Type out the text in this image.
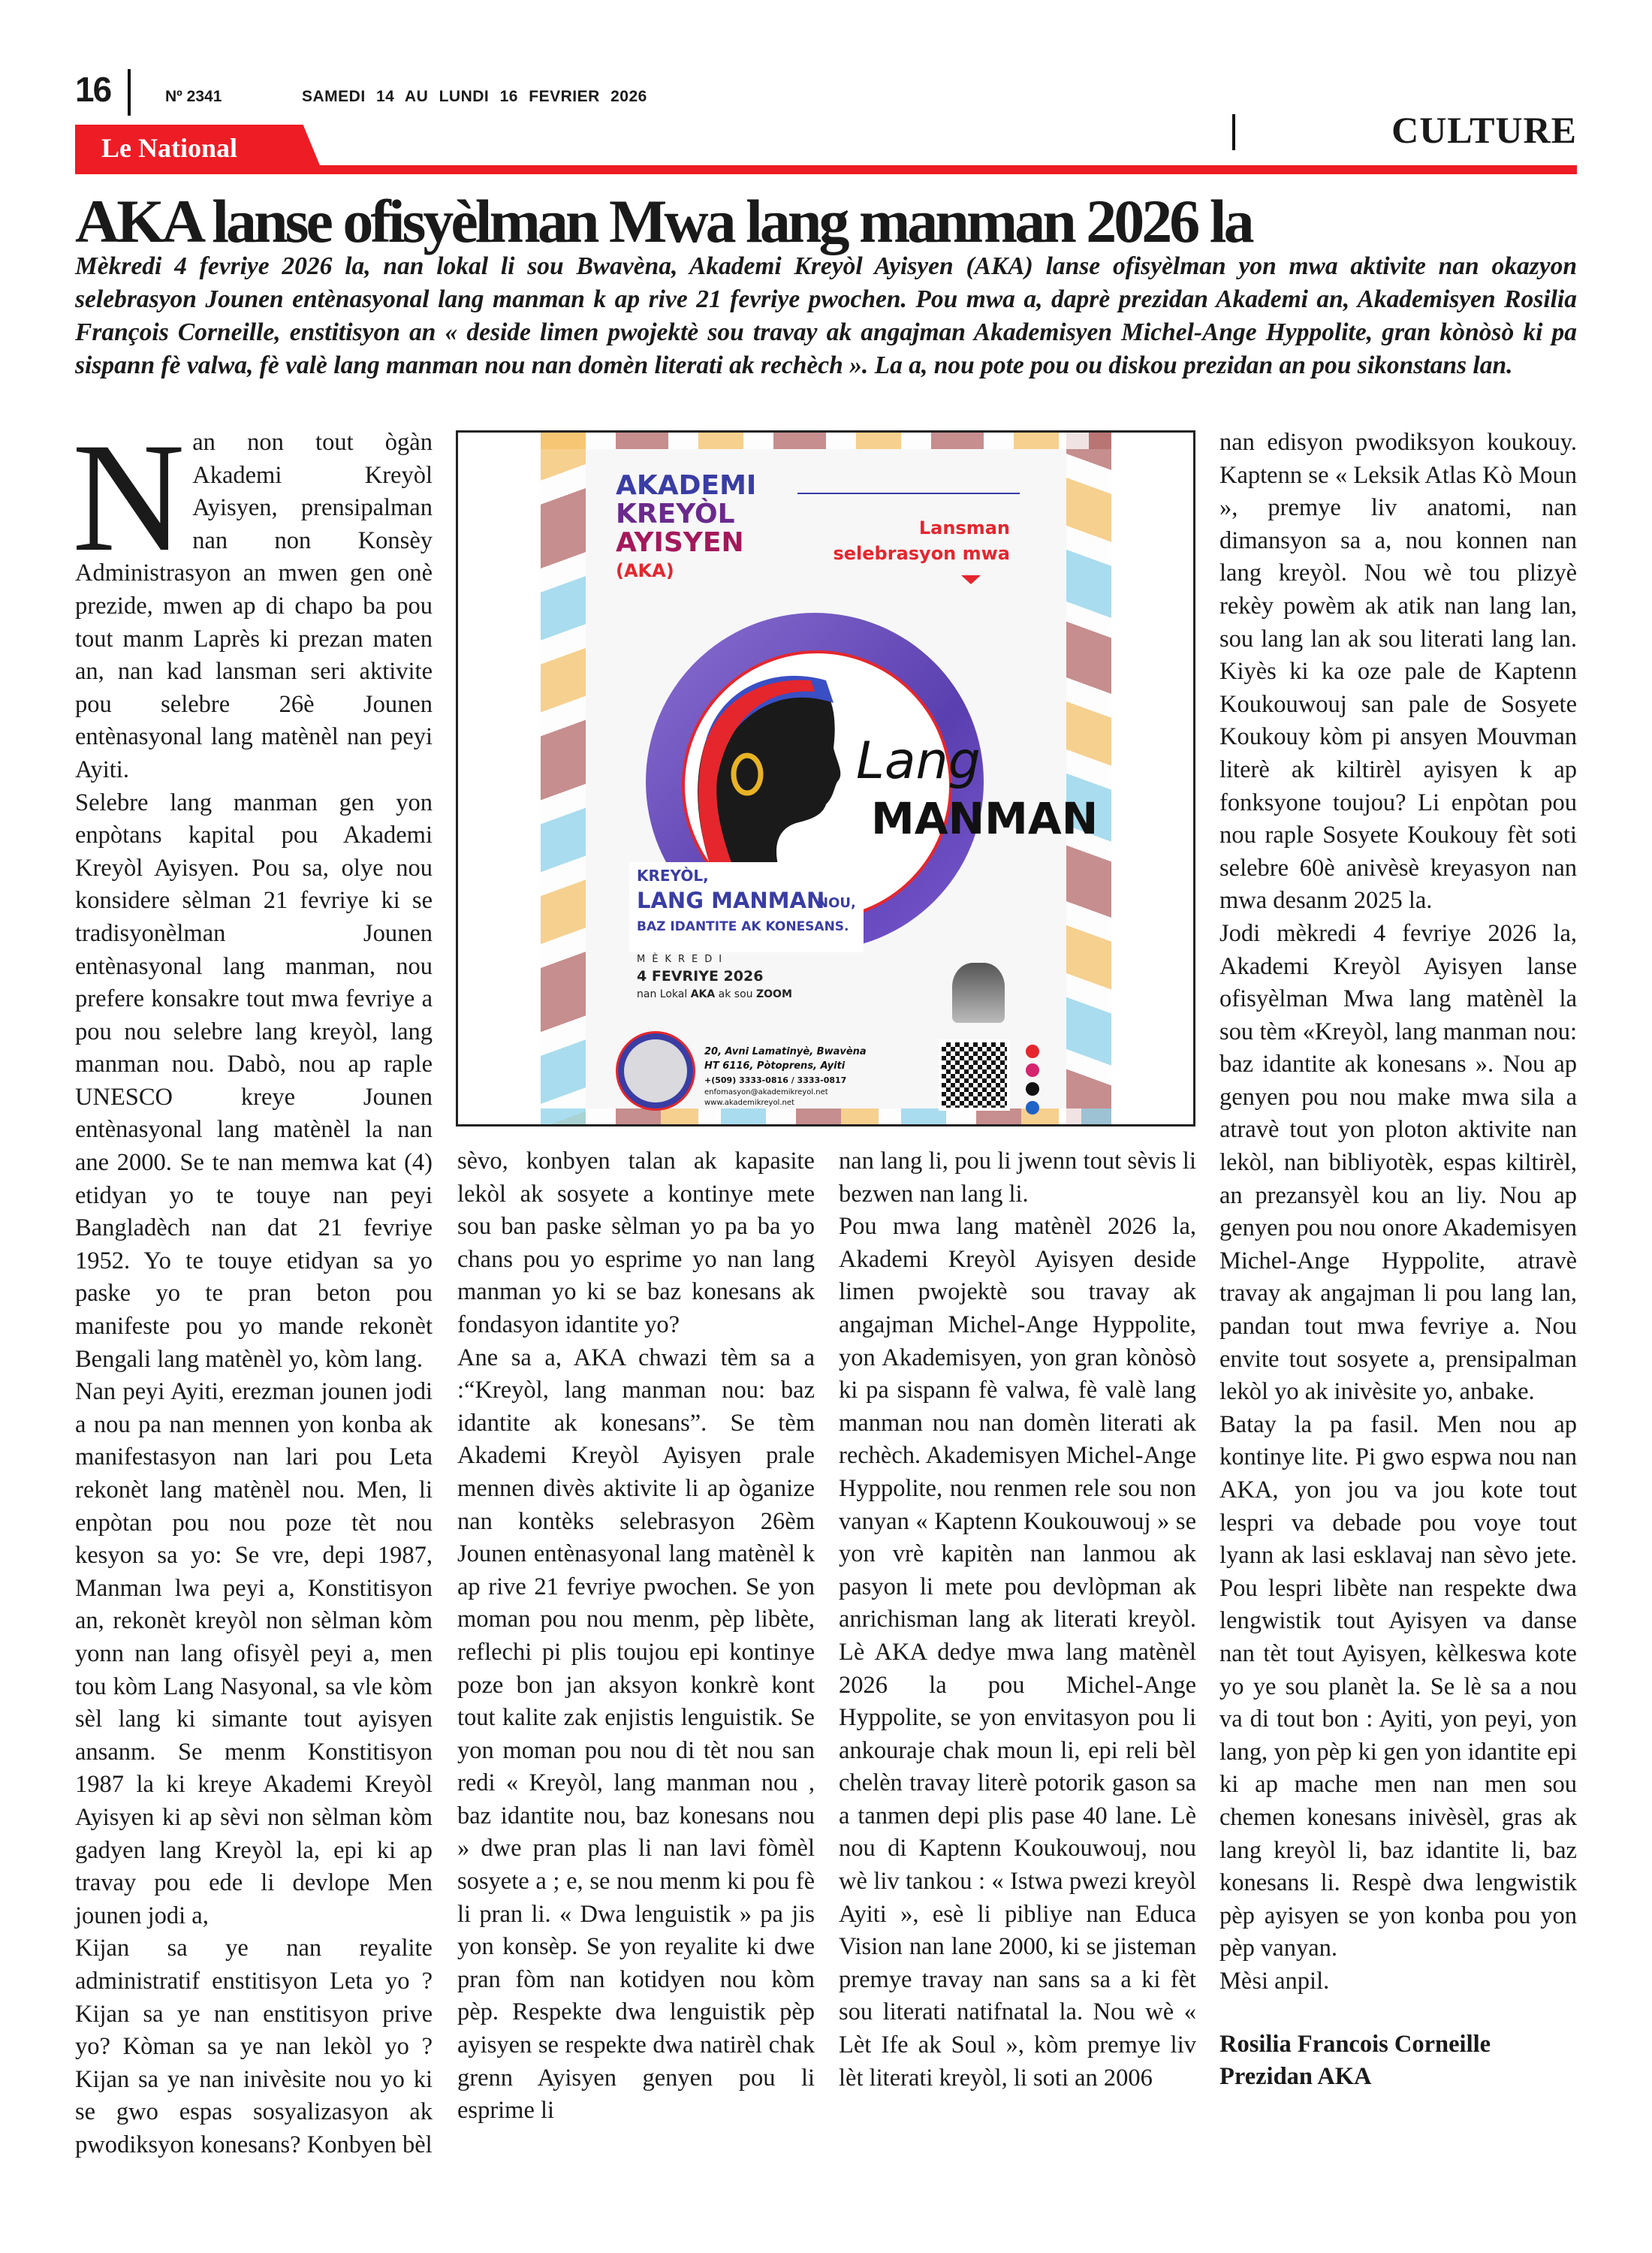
16	Nº 2341	SAMEDI 14 AU LUNDI 16 FEVRIER 2026
Le National	CULTURE
AKA lanse ofisyèlman Mwa lang manman 2026 la
Mèkredi 4 fevriye 2026 la, nan lokal li sou Bwavèna, Akademi Kreyòl Ayisyen (AKA) lanse ofisyèlman yon mwa aktivite nan okazyon selebrasyon Jounen entènasyonal lang manman k ap rive 21 fevriye pwochen. Pou mwa a, daprè prezidan Akademi an, Akademisyen Rosilia François Corneille, enstitisyon an « deside limen pwojektè sou travay ak angajman Akademisyen Michel-Ange Hyppolite, gran kònòsò ki pa sispann fè valwa, fè valè lang manman nou nan domèn literati ak rechèch ». La a, nou pote pou ou diskou prezidan an pou sikonstans lan.

Nan non tout ògàn Akademi Kreyòl Ayisyen, prensipalman nan non Konsèy Administrasyon an mwen gen onè prezide, mwen ap di chapo ba pou tout manm Laprès ki prezan maten an, nan kad lansman seri aktivite pou selebre 26è Jounen entènasyonal lang matènèl nan peyi Ayiti.

Selebre lang manman gen yon enpòtans kapital pou Akademi Kreyòl Ayisyen. Pou sa, olye nou konsidere sèlman 21 fevriye ki se tradisyonèlman Jounen entènasyonal lang manman, nou prefere konsakre tout mwa fevriye a pou nou selebre lang kreyòl, lang manman nou. Dabò, nou ap raple UNESCO kreye Jounen entènasyonal lang matènèl la nan ane 2000. Se te nan memwa kat (4) etidyan yo te touye nan peyi Bangladèch nan dat 21 fevriye 1952. Yo te touye etidyan sa yo paske yo te pran beton pou manifeste pou yo mande rekonèt Bengali lang matènèl yo, kòm lang.

Nan peyi Ayiti, erezman jounen jodi a nou pa nan mennen yon konba ak manifestasyon nan lari pou Leta rekonèt lang matènèl nou. Men, li enpòtan pou nou poze tèt nou kesyon sa yo: Se vre, depi 1987, Manman lwa peyi a, Konstitisyon an, rekonèt kreyòl non sèlman kòm yonn nan lang ofisyèl peyi a, men tou kòm Lang Nasyonal, sa vle kòm sèl lang ki simante tout ayisyen ansanm. Se menm Konstitisyon 1987 la ki kreye Akademi Kreyòl Ayisyen ki ap sèvi non sèlman kòm gadyen lang Kreyòl la, epi ki ap travay pou ede li devlope Men jounen jodi a,

Kijan sa ye nan reyalite administratif enstitisyon Leta yo ? Kijan sa ye nan enstitisyon prive yo? Kòman sa ye nan lekòl yo ? Kijan sa ye nan inivèsite nou yo ki se gwo espas sosyalizasyon ak pwodiksyon konesans? Konbyen bèl

sèvo, konbyen talan ak kapasite lekòl ak sosyete a kontinye mete sou ban paske sèlman yo pa ba yo chans pou yo esprime yo nan lang manman yo ki se baz konesans ak fondasyon idantite yo?

Ane sa a, AKA chwazi tèm sa a :“Kreyòl, lang manman nou: baz idantite ak konesans”. Se tèm Akademi Kreyòl Ayisyen prale mennen divès aktivite li ap òganize nan kontèks selebrasyon 26èm Jounen entènasyonal lang matènèl k ap rive 21 fevriye pwochen. Se yon moman pou nou menm, pèp libète, reflechi pi plis toujou epi kontinye poze bon jan aksyon konkrè kont tout kalite zak enjistis lenguistik. Se yon moman pou nou di tèt nou san redi « Kreyòl, lang manman nou , baz idantite nou, baz konesans nou » dwe pran plas li nan lavi fòmèl sosyete a ; e, se nou menm ki pou fè li pran li. « Dwa lenguistik » pa jis yon konsèp. Se yon reyalite ki dwe pran fòm nan kotidyen nou kòm pèp. Respekte dwa lenguistik pèp ayisyen se respekte dwa natirèl chak grenn Ayisyen genyen pou li esprime li

nan lang li, pou li jwenn tout sèvis li bezwen nan lang li.

Pou mwa lang matènèl 2026 la, Akademi Kreyòl Ayisyen deside limen pwojektè sou travay ak angajman Michel-Ange Hyppolite, yon Akademisyen, yon gran kònòsò ki pa sispann fè valwa, fè valè lang manman nou nan domèn literati ak rechèch. Akademisyen Michel-Ange Hyppolite, nou renmen rele sou non vanyan « Kaptenn Koukouwouj » se yon vrè kapitèn nan lanmou ak pasyon li mete pou devlòpman ak anrichisman lang ak literati kreyòl. Lè AKA dedye mwa lang matènèl 2026 la pou Michel-Ange Hyppolite, se yon envitasyon pou li ankouraje chak moun li, epi reli bèl chelèn travay literè potorik gason sa a tanmen depi plis pase 40 lane. Lè nou di Kaptenn Koukouwouj, nou wè liv tankou : « Istwa pwezi kreyòl Ayiti », esè li pibliye nan Educa Vision nan lane 2000, ki se jisteman premye travay nan sans sa a ki fèt sou literati natifnatal la. Nou wè « Lèt Ife ak Soul », kòm premye liv lèt literati kreyòl, li soti an 2006

nan edisyon pwodiksyon koukouy. Kaptenn se « Leksik Atlas Kò Moun », premye liv anatomi, nan dimansyon sa a, nou konnen nan lang kreyòl. Nou wè tou plizyè rekèy powèm ak atik nan lang lan, sou lang lan ak sou literati lang lan. Kiyès ki ka oze pale de Kaptenn Koukouwouj san pale de Sosyete Koukouy kòm pi ansyen Mouvman literè ak kiltirèl ayisyen k ap fonksyone toujou? Li enpòtan pou nou raple Sosyete Koukouy fèt soti selebre 60è anivèsè kreyasyon nan mwa desanm 2025 la.

Jodi mèkredi 4 fevriye 2026 la, Akademi Kreyòl Ayisyen lanse ofisyèlman Mwa lang matènèl la sou tèm «Kreyòl, lang manman nou: baz idantite ak konesans ». Nou ap genyen pou nou make mwa sila a atravè tout yon ploton aktivite nan lekòl, nan bibliyotèk, espas kiltirèl, an prezansyèl kou an liy. Nou ap genyen pou nou onore Akademisyen Michel-Ange Hyppolite, atravè travay ak angajman li pou lang lan, pandan tout mwa fevriye a. Nou envite tout sosyete a, prensipalman lekòl yo ak inivèsite yo, anbake.

Batay la pa fasil. Men nou ap kontinye lite. Pi gwo espwa nou nan AKA, yon jou va jou kote tout lespri va debade pou voye tout lyann ak lasi esklavaj nan sèvo jete. Pou lespri libète nan respekte dwa lengwistik tout Ayisyen va danse nan tèt tout Ayisyen, kèlkeswa kote yo ye sou planèt la. Se lè sa a nou va di tout bon : Ayiti, yon peyi, yon lang, yon pèp ki gen yon idantite epi ki ap mache men nan men sou chemen konesans inivèsèl, gras ak lang kreyòl li, baz idantite li, baz konesans li. Respè dwa lengwistik pèp ayisyen se yon konba pou yon pèp vanyan.

Mèsi anpil.

Rosilia Francois Corneille

Prezidan AKA

AKADEMI
KREYÒL
AYISYEN
(AKA)
Lansman
selebrasyon mwa
Lang
MANMAN
KREYÒL,
LANG MANMAN
NOU,
BAZ IDANTITE AK KONESANS.
MÈKREDI
4 FEVRIYE 2026
nan Lokal AKA ak sou ZOOM
20, Avni Lamatinyè, Bwavèna
HT 6116, Pòtoprens, Ayiti
+(509) 3333-0816 / 3333-0817
enfomasyon@akademikreyol.net
www.akademikreyol.net
